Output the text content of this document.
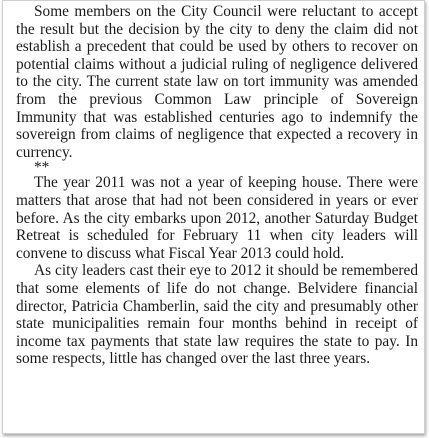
Some members on the City Council were reluctant to accept the result but the decision by the city to deny the claim did not establish a precedent that could be used by others to recover on potential claims without a judicial ruling of negligence delivered to the city. The current state law on tort immunity was amended from the previous Common Law principle of Sovereign Immunity that was established centuries ago to indemnify the sovereign from claims of negligence that expected a recovery in currency.

**

The year 2011 was not a year of keeping house. There were matters that arose that had not been considered in years or ever before. As the city embarks upon 2012, another Saturday Budget Retreat is scheduled for February 11 when city leaders will convene to discuss what Fiscal Year 2013 could hold.

As city leaders cast their eye to 2012 it should be remembered that some elements of life do not change. Belvidere financial director, Patricia Chamberlin, said the city and presumably other state municipalities remain four months behind in receipt of income tax payments that state law requires the state to pay. In some respects, little has changed over the last three years.
